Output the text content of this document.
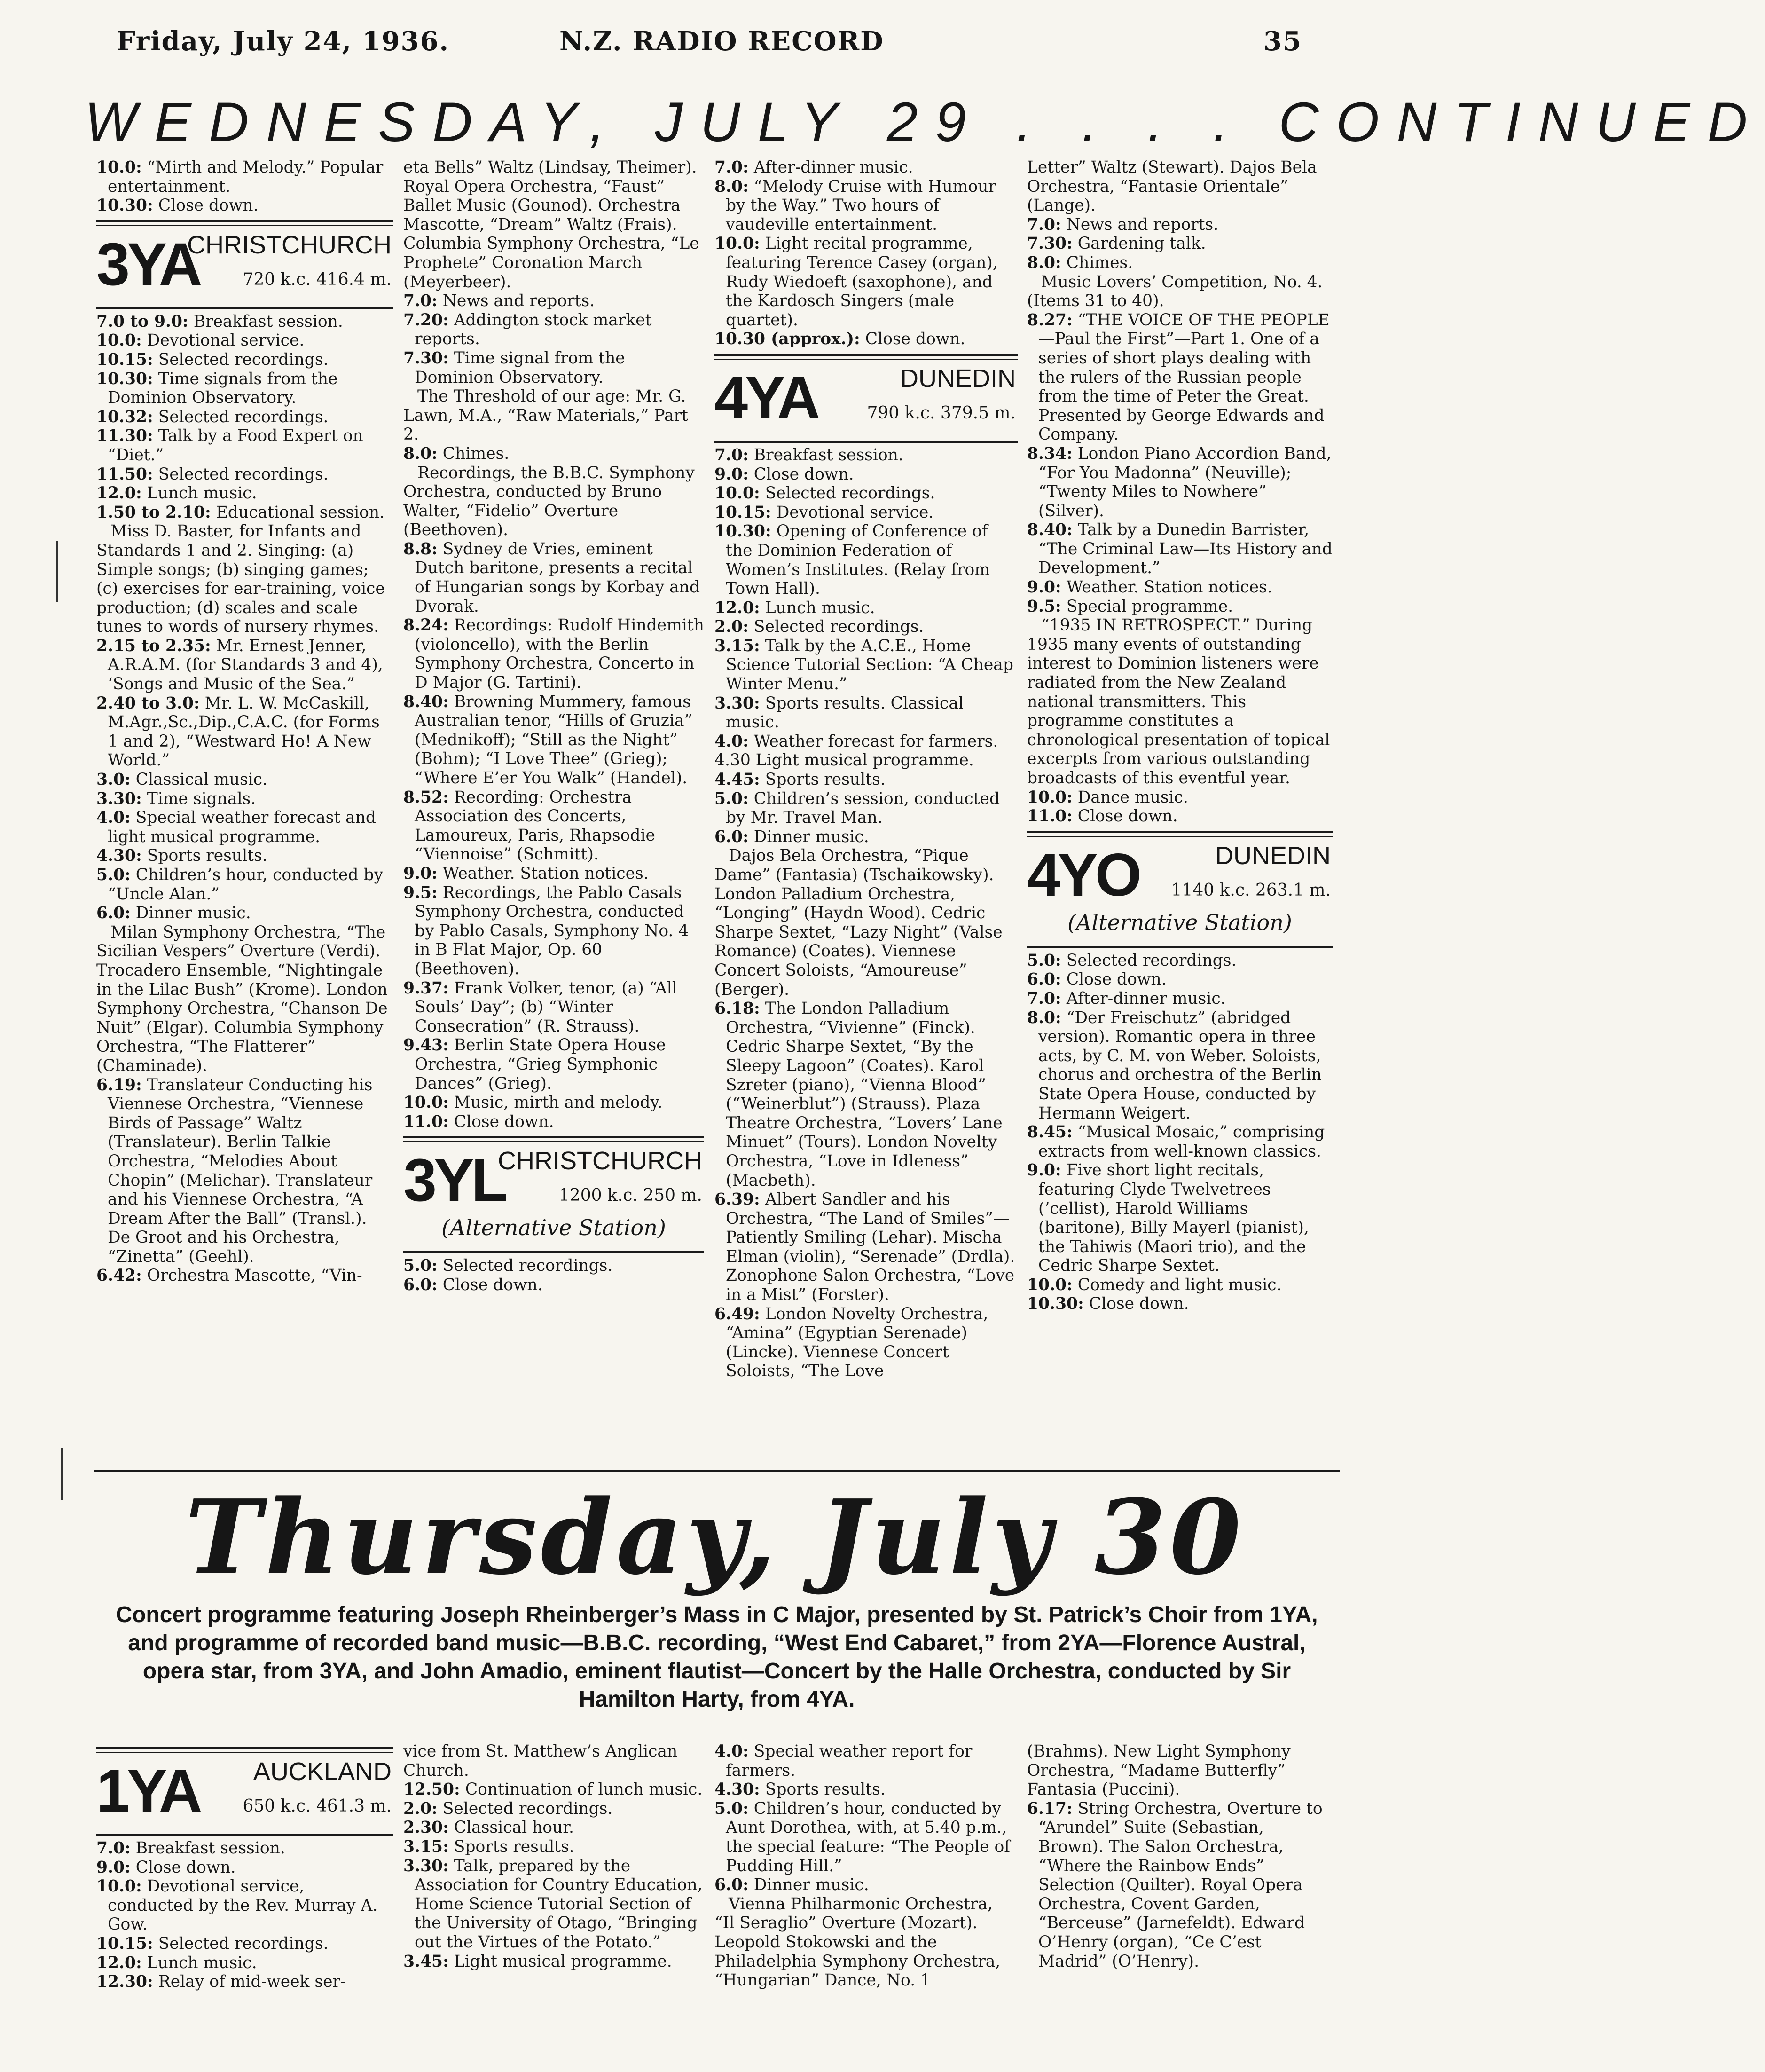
Friday, July 24, 1936.	N.Z. RADIO RECORD	35
WEDNESDAY, JULY 29 . . . . CONTINUED

10.0: “Mirth and Melody.” Popular entertainment.

10.30: Close down.

3YA
CHRISTCHURCH
720 k.c. 416.4 m.

7.0 to 9.0: Breakfast session.

10.0: Devotional service.

10.15: Selected recordings.

10.30: Time signals from the Dominion Observatory.

10.32: Selected recordings.

11.30: Talk by a Food Expert on “Diet.”

11.50: Selected recordings.

12.0: Lunch music.

1.50 to 2.10: Educational session.

Miss D. Baster, for Infants and Standards 1 and 2. Singing: (a) Simple songs; (b) singing games; (c) exercises for ear-training, voice production; (d) scales and scale tunes to words of nursery rhymes.

2.15 to 2.35: Mr. Ernest Jenner, A.R.A.M. (for Standards 3 and 4), ‘Songs and Music of the Sea.”

2.40 to 3.0: Mr. L. W. McCaskill, M.Agr.,Sc.,Dip.,C.A.C. (for Forms 1 and 2), “Westward Ho! A New World.”

3.0: Classical music.

3.30: Time signals.

4.0: Special weather forecast and light musical programme.

4.30: Sports results.

5.0: Children’s hour, conducted by “Uncle Alan.”

6.0: Dinner music.

Milan Symphony Orchestra, “The Sicilian Vespers” Overture (Verdi). Trocadero Ensemble, “Nightingale in the Lilac Bush” (Krome). London Symphony Orchestra, “Chanson De Nuit” (Elgar). Columbia Symphony Orchestra, “The Flatterer” (Chaminade).

6.19: Translateur Conducting his Viennese Orchestra, “Viennese Birds of Passage” Waltz (Translateur). Berlin Talkie Orchestra, “Melodies About Chopin” (Melichar). Translateur and his Viennese Orchestra, “A Dream After the Ball” (Transl.). De Groot and his Orchestra, “Zinetta” (Geehl).

6.42: Orchestra Mascotte, “Vin-

eta Bells” Waltz (Lindsay, Theimer). Royal Opera Orchestra, “Faust” Ballet Music (Gounod). Orchestra Mascotte, “Dream” Waltz (Frais). Columbia Symphony Orchestra, “Le Prophete” Coronation March (Meyerbeer).

7.0: News and reports.

7.20: Addington stock market reports.

7.30: Time signal from the Dominion Observatory.

The Threshold of our age: Mr. G. Lawn, M.A., “Raw Materials,” Part 2.

8.0: Chimes.

Recordings, the B.B.C. Symphony Orchestra, conducted by Bruno Walter, “Fidelio” Overture (Beethoven).

8.8: Sydney de Vries, eminent Dutch baritone, presents a recital of Hungarian songs by Korbay and Dvorak.

8.24: Recordings: Rudolf Hindemith (violoncello), with the Berlin Symphony Orchestra, Concerto in D Major (G. Tartini).

8.40: Browning Mummery, famous Australian tenor, “Hills of Gruzia” (Mednikoff); “Still as the Night” (Bohm); “I Love Thee” (Grieg); “Where E’er You Walk” (Handel).

8.52: Recording: Orchestra Association des Concerts, Lamoureux, Paris, Rhapsodie “Viennoise” (Schmitt).

9.0: Weather. Station notices.

9.5: Recordings, the Pablo Casals Symphony Orchestra, conducted by Pablo Casals, Symphony No. 4 in B Flat Major, Op. 60 (Beethoven).

9.37: Frank Volker, tenor, (a) “All Souls’ Day”; (b) “Winter Consecration” (R. Strauss).

9.43: Berlin State Opera House Orchestra, “Grieg Symphonic Dances” (Grieg).

10.0: Music, mirth and melody.

11.0: Close down.

3YL
CHRISTCHURCH
1200 k.c. 250 m.
(Alternative Station)

5.0: Selected recordings.

6.0: Close down.

7.0: After-dinner music.

8.0: “Melody Cruise with Humour by the Way.” Two hours of vaudeville entertainment.

10.0: Light recital programme, featuring Terence Casey (organ), Rudy Wiedoeft (saxophone), and the Kardosch Singers (male quartet).

10.30 (approx.): Close down.

4YA	DUNEDIN
790 k.c. 379.5 m.

7.0: Breakfast session.

9.0: Close down.

10.0: Selected recordings.

10.15: Devotional service.

10.30: Opening of Conference of the Dominion Federation of Women’s Institutes. (Relay from Town Hall).

12.0: Lunch music.

2.0: Selected recordings.

3.15: Talk by the A.C.E., Home Science Tutorial Section: “A Cheap Winter Menu.”

3.30: Sports results. Classical music.

4.0: Weather forecast for farmers.

4.30 Light musical programme.

4.45: Sports results.

5.0: Children’s session, conducted by Mr. Travel Man.

6.0: Dinner music.

Dajos Bela Orchestra, “Pique Dame” (Fantasia) (Tschaikowsky). London Palladium Orchestra, “Longing” (Haydn Wood). Cedric Sharpe Sextet, “Lazy Night” (Valse Romance) (Coates). Viennese Concert Soloists, “Amoureuse” (Berger).

6.18: The London Palladium Orchestra, “Vivienne” (Finck). Cedric Sharpe Sextet, “By the Sleepy Lagoon” (Coates). Karol Szreter (piano), “Vienna Blood” (“Weinerblut”) (Strauss). Plaza Theatre Orchestra, “Lovers’ Lane Minuet” (Tours). London Novelty Orchestra, “Love in Idleness” (Macbeth).

6.39: Albert Sandler and his Orchestra, “The Land of Smiles”—Patiently Smiling (Lehar). Mischa Elman (violin), “Serenade” (Drdla). Zonophone Salon Orchestra, “Love in a Mist” (Forster).

6.49: London Novelty Orchestra, “Amina” (Egyptian Serenade) (Lincke). Viennese Concert Soloists, “The Love

Letter” Waltz (Stewart). Dajos Bela Orchestra, “Fantasie Orientale” (Lange).

7.0: News and reports.

7.30: Gardening talk.

8.0: Chimes.

Music Lovers’ Competition, No. 4. (Items 31 to 40).

8.27: “THE VOICE OF THE PEOPLE—Paul the First”—Part 1. One of a series of short plays dealing with the rulers of the Russian people from the time of Peter the Great. Presented by George Edwards and Company.

8.34: London Piano Accordion Band, “For You Madonna” (Neuville); “Twenty Miles to Nowhere” (Silver).

8.40: Talk by a Dunedin Barrister, “The Criminal Law—Its History and Development.”

9.0: Weather. Station notices.

9.5: Special programme.

“1935 IN RETROSPECT.” During 1935 many events of outstanding interest to Dominion listeners were radiated from the New Zealand national transmitters. This programme constitutes a chronological presentation of topical excerpts from various outstanding broadcasts of this eventful year.

10.0: Dance music.

11.0: Close down.

4YO	DUNEDIN
1140 k.c. 263.1 m.
(Alternative Station)

5.0: Selected recordings.

6.0: Close down.

7.0: After-dinner music.

8.0: “Der Freischutz” (abridged version). Romantic opera in three acts, by C. M. von Weber. Soloists, chorus and orchestra of the Berlin State Opera House, conducted by Hermann Weigert.

8.45: “Musical Mosaic,” comprising extracts from well-known classics.

9.0: Five short light recitals, featuring Clyde Twelvetrees (’cellist), Harold Williams (baritone), Billy Mayerl (pianist), the Tahiwis (Maori trio), and the Cedric Sharpe Sextet.

10.0: Comedy and light music.

10.30: Close down.

Thursday, July 30
Concert programme featuring Joseph Rheinberger’s Mass in C Major, presented by St. Patrick’s Choir from 1YA, and programme of recorded band music—B.B.C. recording, “West End Cabaret,” from 2YA—Florence Austral, opera star, from 3YA, and John Amadio, eminent flautist—Concert by the Halle Orchestra, conducted by Sir Hamilton Harty, from 4YA.
1YA AUCKLAND
650 k.c. 461.3 m.

7.0: Breakfast session.

9.0: Close down.

10.0: Devotional service, conducted by the Rev. Murray A. Gow.

10.15: Selected recordings.

12.0: Lunch music.

12.30: Relay of mid-week ser-

vice from St. Matthew’s Anglican Church.

12.50: Continuation of lunch music.

2.0: Selected recordings.

2.30: Classical hour.

3.15: Sports results.

3.30: Talk, prepared by the Association for Country Education, Home Science Tutorial Section of the University of Otago, “Bringing out the Virtues of the Potato.”

3.45: Light musical programme.

4.0: Special weather report for farmers.

4.30: Sports results.

5.0: Children’s hour, conducted by Aunt Dorothea, with, at 5.40 p.m., the special feature: “The People of Pudding Hill.”

6.0: Dinner music.

Vienna Philharmonic Orchestra, “Il Seraglio” Overture (Mozart). Leopold Stokowski and the Philadelphia Symphony Orchestra, “Hungarian” Dance, No. 1

(Brahms). New Light Symphony Orchestra, “Madame Butterfly” Fantasia (Puccini).

6.17: String Orchestra, Overture to “Arundel” Suite (Sebastian, Brown). The Salon Orchestra, “Where the Rainbow Ends” Selection (Quilter). Royal Opera Orchestra, Covent Garden, “Berceuse” (Jarnefeldt). Edward O’Henry (organ), “Ce C’est Madrid” (O’Henry).
